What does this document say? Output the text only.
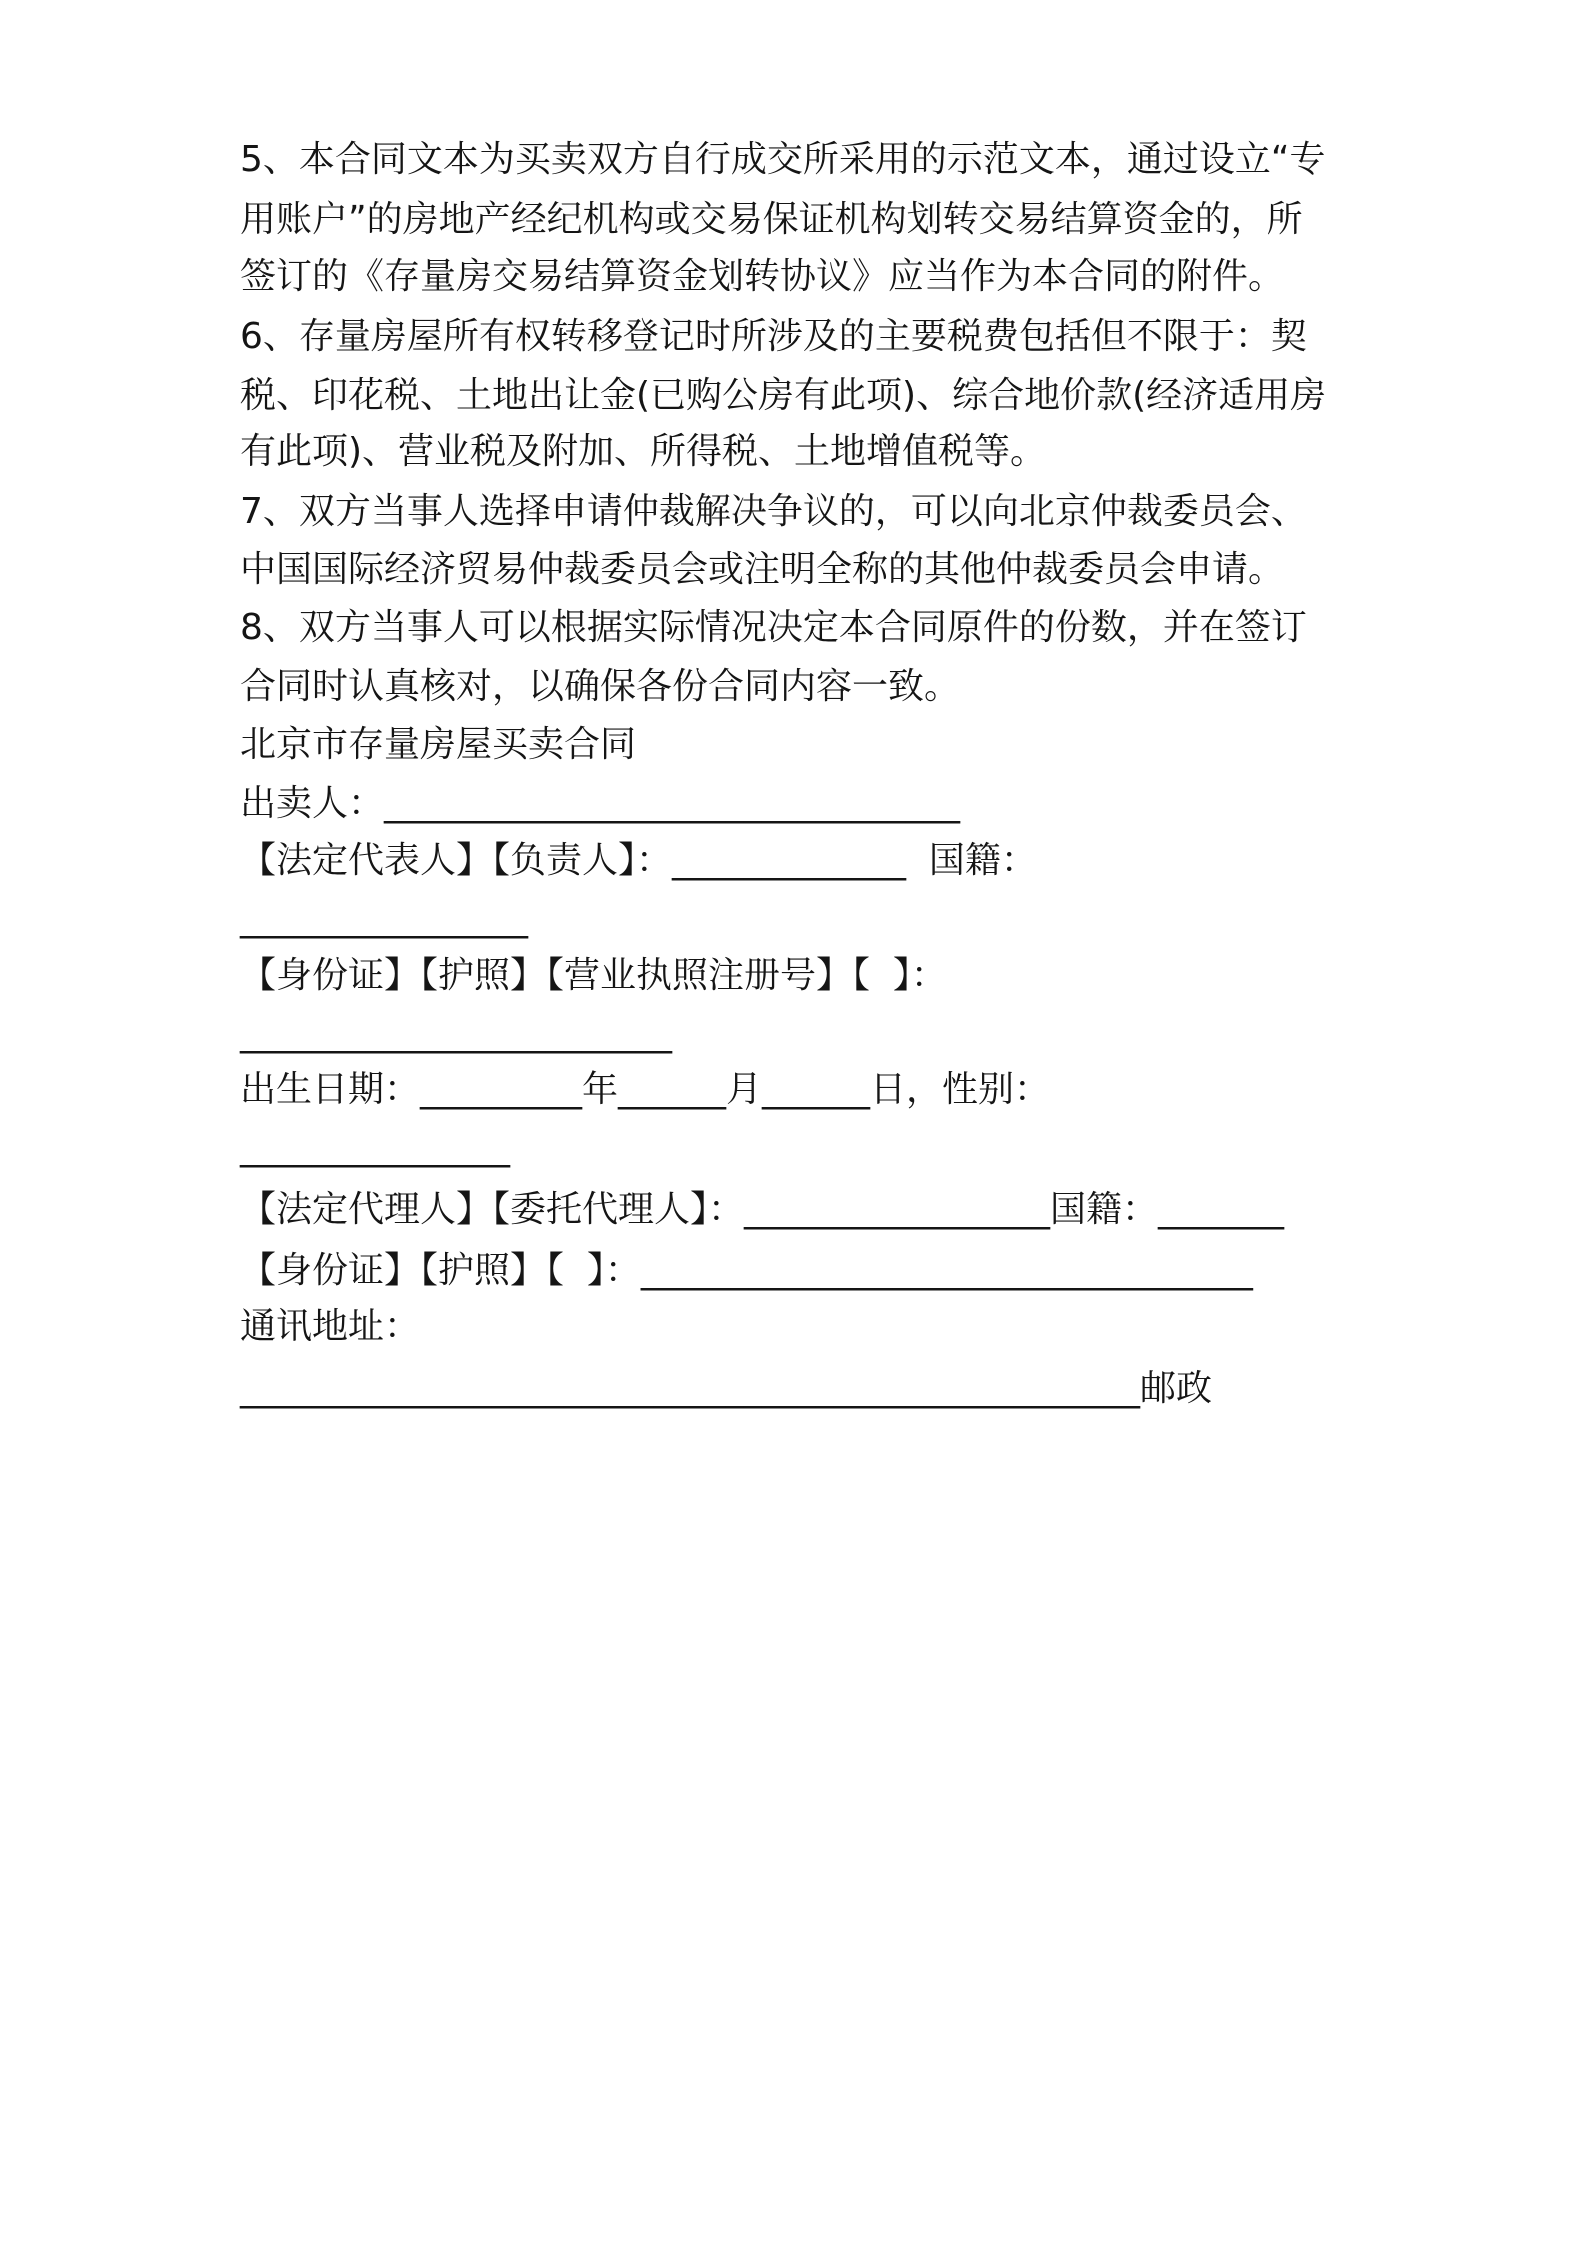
5、本合同文本为买卖双方自行成交所采用的示范文本，通过设立“专
用账户”的房地产经纪机构或交易保证机构划转交易结算资金的，所
签订的《存量房交易结算资金划转协议》应当作为本合同的附件。
6、存量房屋所有权转移登记时所涉及的主要税费包括但不限于：契
税、印花税、土地出让金(已购公房有此项)、综合地价款(经济适用房
有此项)、营业税及附加、所得税、土地增值税等。
7、双方当事人选择申请仲裁解决争议的，可以向北京仲裁委员会、
中国国际经济贸易仲裁委员会或注明全称的其他仲裁委员会申请。
8、双方当事人可以根据实际情况决定本合同原件的份数，并在签订
合同时认真核对，以确保各份合同内容一致。
北京市存量房屋买卖合同
出卖人：________________________________
【法定代表人】【负责人】：_____________  国籍：
________________
【身份证】【护照】【营业执照注册号】【  】：
________________________
出生日期：_________年______月______日，性别：
_______________
【法定代理人】【委托代理人】：_________________国籍：_______
【身份证】【护照】【  】：__________________________________
通讯地址：
__________________________________________________邮政
